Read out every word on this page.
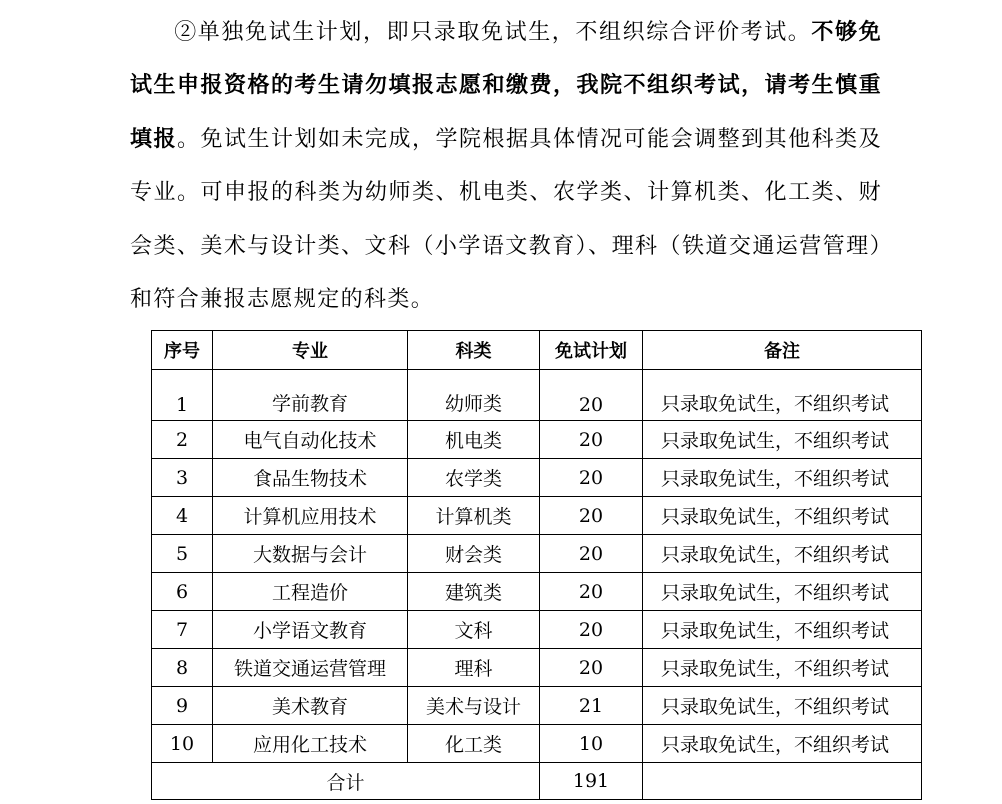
②单独免试生计划，即只录取免试生，不组织综合评价考试。不够免试生申报资格的考生请勿填报志愿和缴费，我院不组织考试，请考生慎重填报。免试生计划如未完成，学院根据具体情况可能会调整到其他科类及专业。可申报的科类为幼师类、机电类、农学类、计算机类、化工类、财会类、美术与设计类、文科（小学语文教育）、理科（铁道交通运营管理）和符合兼报志愿规定的科类。

序号	专业	科类	免试计划	备注
1	学前教育	幼师类	20	只录取免试生，不组织考试
2	电气自动化技术	机电类	20	只录取免试生，不组织考试
3	食品生物技术	农学类	20	只录取免试生，不组织考试
4	计算机应用技术	计算机类	20	只录取免试生，不组织考试
5	大数据与会计	财会类	20	只录取免试生，不组织考试
6	工程造价	建筑类	20	只录取免试生，不组织考试
7	小学语文教育	文科	20	只录取免试生，不组织考试
8	铁道交通运营管理	理科	20	只录取免试生，不组织考试
9	美术教育	美术与设计	21	只录取免试生，不组织考试
10	应用化工技术	化工类	10	只录取免试生，不组织考试
合计			191	
